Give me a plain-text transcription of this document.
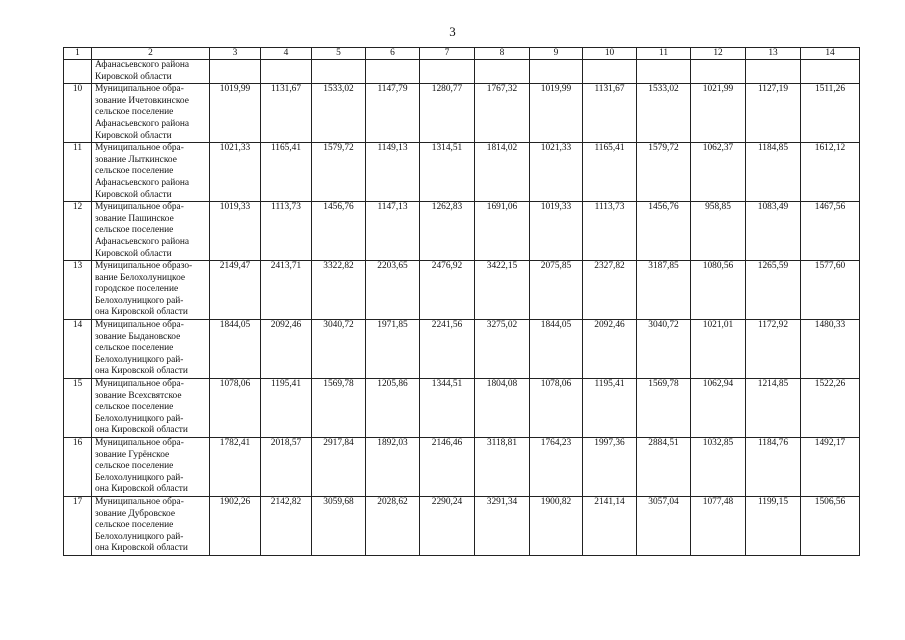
3
1	2	3	4	5	6	7	8	9	10	11	12	13	14

	Афанасьевского района
Кировской области												

10	Муниципальное обра-
зование Ичетовкинское
сельское поселение
Афанасьевского района
Кировской области	1019,99	1131,67	1533,02	1147,79	1280,77	1767,32	1019,99	1131,67	1533,02	1021,99	1127,19	1511,26
11	Муниципальное обра-
зование Лыткинское
сельское поселение
Афанасьевского района
Кировской области	1021,33	1165,41	1579,72	1149,13	1314,51	1814,02	1021,33	1165,41	1579,72	1062,37	1184,85	1612,12
12	Муниципальное обра-
зование Пашинское
сельское поселение
Афанасьевского района
Кировской области	1019,33	1113,73	1456,76	1147,13	1262,83	1691,06	1019,33	1113,73	1456,76	958,85	1083,49	1467,56
13	Муниципальное образо-
вание Белохолуницкое
городское поселение
Белохолуницкого рай-
она Кировской области	2149,47	2413,71	3322,82	2203,65	2476,92	3422,15	2075,85	2327,82	3187,85	1080,56	1265,59	1577,60
14	Муниципальное обра-
зование Быдановское
сельское поселение
Белохолуницкого рай-
она Кировской области	1844,05	2092,46	3040,72	1971,85	2241,56	3275,02	1844,05	2092,46	3040,72	1021,01	1172,92	1480,33
15	Муниципальное обра-
зование Всехсвятское
сельское поселение
Белохолуницкого рай-
она Кировской области	1078,06	1195,41	1569,78	1205,86	1344,51	1804,08	1078,06	1195,41	1569,78	1062,94	1214,85	1522,26
16	Муниципальное обра-
зование Гурёнское
сельское поселение
Белохолуницкого рай-
она Кировской области	1782,41	2018,57	2917,84	1892,03	2146,46	3118,81	1764,23	1997,36	2884,51	1032,85	1184,76	1492,17
17	Муниципальное обра-
зование Дубровское
сельское поселение
Белохолуницкого рай-
она Кировской области	1902,26	2142,82	3059,68	2028,62	2290,24	3291,34	1900,82	2141,14	3057,04	1077,48	1199,15	1506,56
